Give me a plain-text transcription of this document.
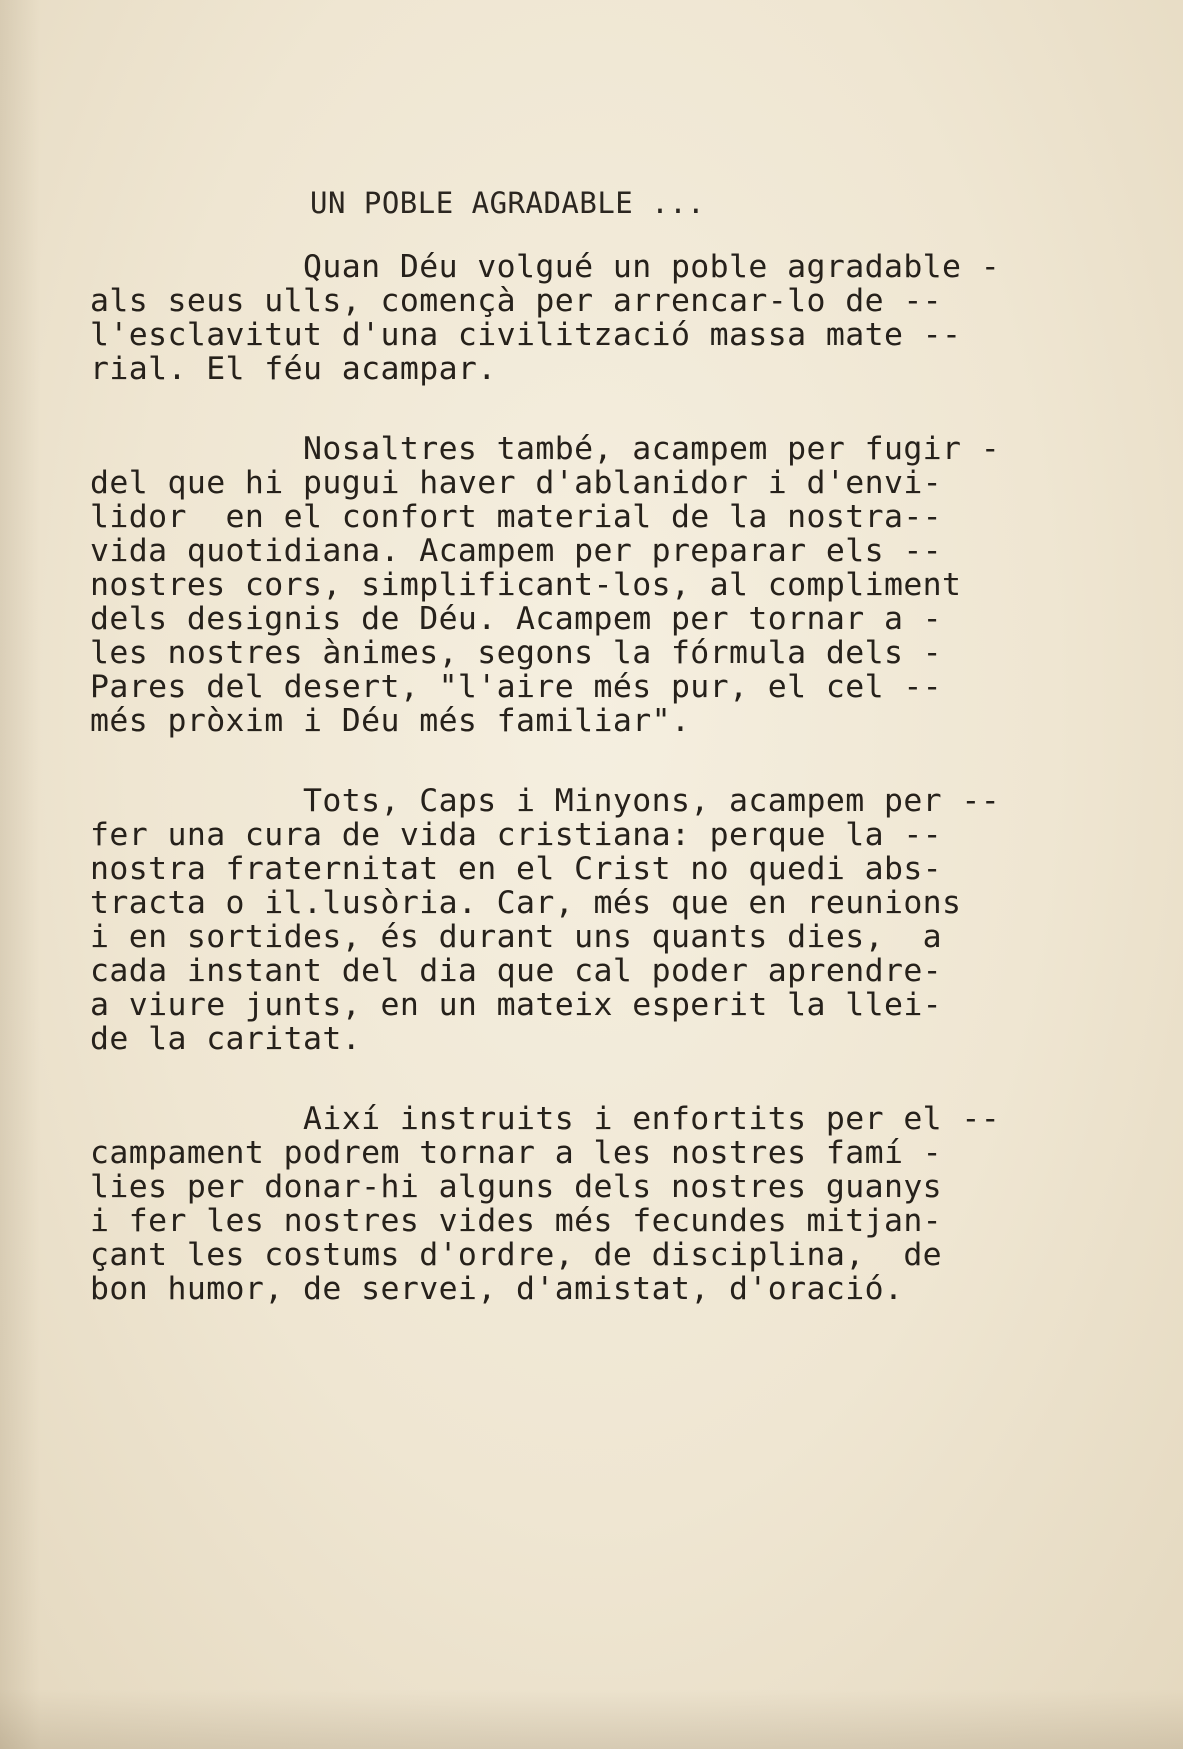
UN POBLE AGRADABLE ...
Quan Déu volgué un poble agradable -
als seus ulls, començà per arrencar-lo de --
l'esclavitut d'una civilització massa mate --
rial. El féu acampar.
Nosaltres també, acampem per fugir -
del que hi pugui haver d'ablanidor i d'envi-
lidor  en el confort material de la nostra--
vida quotidiana. Acampem per preparar els --
nostres cors, simplificant-los, al compliment
dels designis de Déu. Acampem per tornar a -
les nostres ànimes, segons la fórmula dels -
Pares del desert, "l'aire més pur, el cel --
més pròxim i Déu més familiar".
Tots, Caps i Minyons, acampem per --
fer una cura de vida cristiana: perque la --
nostra fraternitat en el Crist no quedi abs-
tracta o il.lusòria. Car, més que en reunions
i en sortides, és durant uns quants dies,  a
cada instant del dia que cal poder aprendre-
a viure junts, en un mateix esperit la llei-
de la caritat.
Així instruits i enfortits per el --
campament podrem tornar a les nostres famí -
lies per donar-hi alguns dels nostres guanys
i fer les nostres vides més fecundes mitjan-
çant les costums d'ordre, de disciplina,  de
bon humor, de servei, d'amistat, d'oració.
